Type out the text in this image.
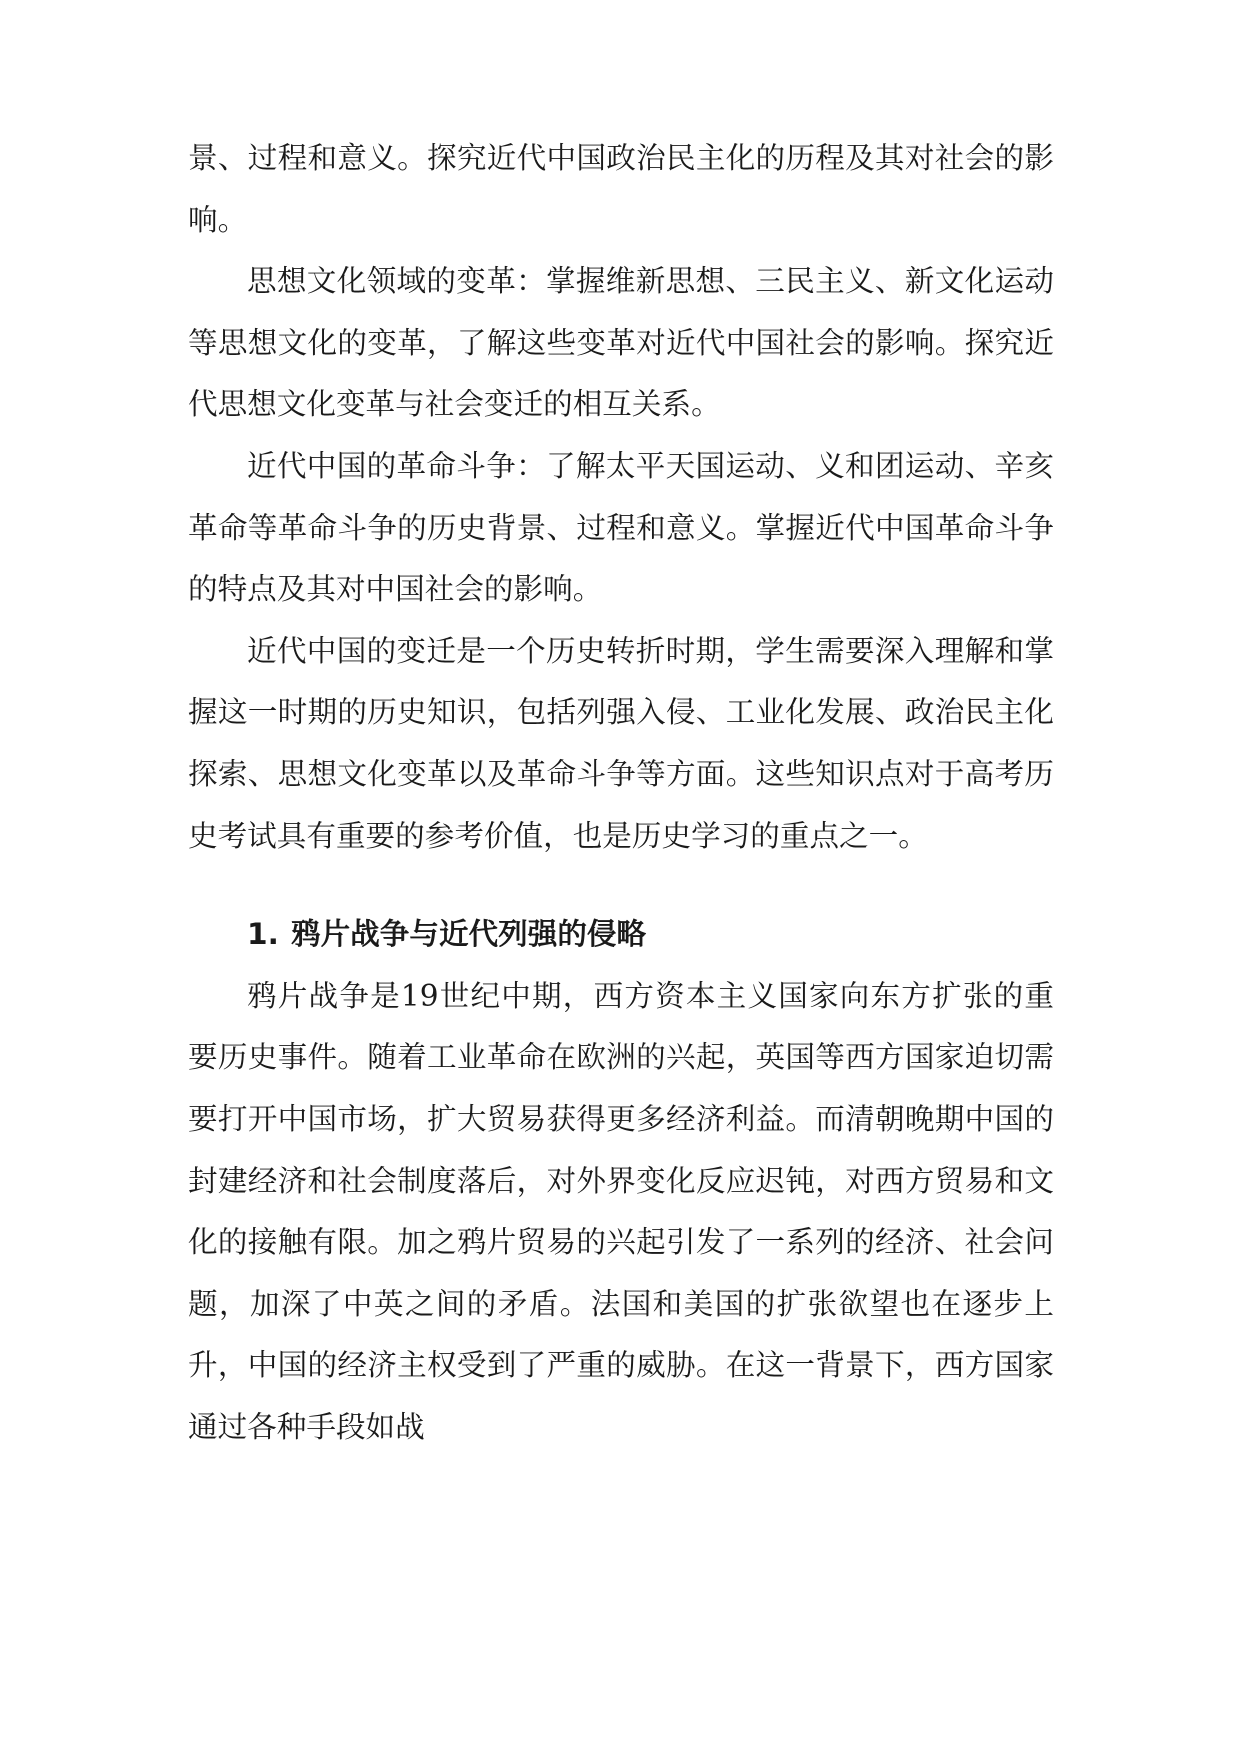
景、过程和意义。探究近代中国政治民主化的历程及其对社会的影响。

思想文化领域的变革：掌握维新思想、三民主义、新文化运动等思想文化的变革，了解这些变革对近代中国社会的影响。探究近代思想文化变革与社会变迁的相互关系。

近代中国的革命斗争：了解太平天国运动、义和团运动、辛亥革命等革命斗争的历史背景、过程和意义。掌握近代中国革命斗争的特点及其对中国社会的影响。

近代中国的变迁是一个历史转折时期，学生需要深入理解和掌握这一时期的历史知识，包括列强入侵、工业化发展、政治民主化探索、思想文化变革以及革命斗争等方面。这些知识点对于高考历史考试具有重要的参考价值，也是历史学习的重点之一。

1. 鸦片战争与近代列强的侵略

鸦片战争是19世纪中期，西方资本主义国家向东方扩张的重要历史事件。随着工业革命在欧洲的兴起，英国等西方国家迫切需要打开中国市场，扩大贸易获得更多经济利益。而清朝晚期中国的封建经济和社会制度落后，对外界变化反应迟钝，对西方贸易和文化的接触有限。加之鸦片贸易的兴起引发了一系列的经济、社会问题，加深了中英之间的矛盾。法国和美国的扩张欲望也在逐步上升，中国的经济主权受到了严重的威胁。在这一背景下，西方国家通过各种手段如战
